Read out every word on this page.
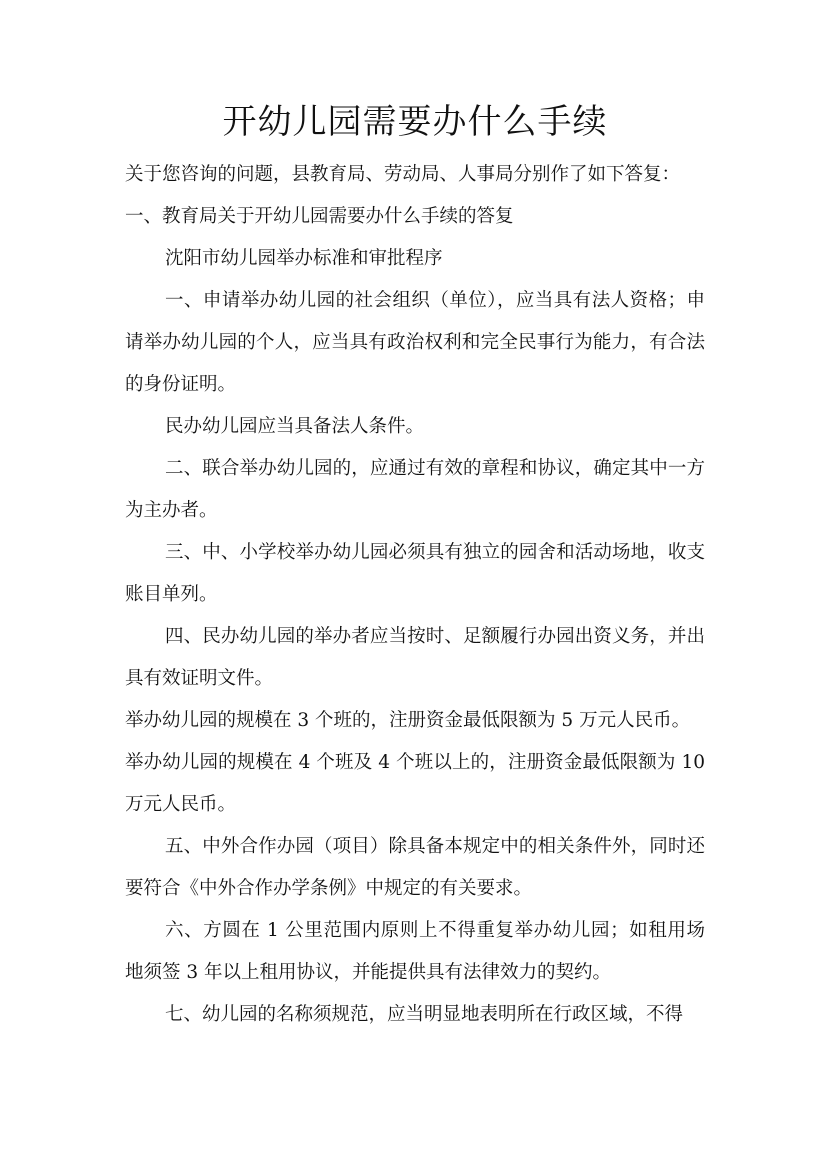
开幼儿园需要办什么手续

关于您咨询的问题，县教育局、劳动局、人事局分别作了如下答复：

一、教育局关于开幼儿园需要办什么手续的答复

沈阳市幼儿园举办标准和审批程序

一、申请举办幼儿园的社会组织（单位），应当具有法人资格；申请举办幼儿园的个人，应当具有政治权利和完全民事行为能力，有合法的身份证明。

民办幼儿园应当具备法人条件。

二、联合举办幼儿园的，应通过有效的章程和协议，确定其中一方为主办者。

三、中、小学校举办幼儿园必须具有独立的园舍和活动场地，收支账目单列。

四、民办幼儿园的举办者应当按时、足额履行办园出资义务，并出具有效证明文件。

举办幼儿园的规模在 3 个班的，注册资金最低限额为 5 万元人民币。

举办幼儿园的规模在 4 个班及 4 个班以上的，注册资金最低限额为 10 万元人民币。

五、中外合作办园（项目）除具备本规定中的相关条件外，同时还要符合《中外合作办学条例》中规定的有关要求。

六、方圆在 1 公里范围内原则上不得重复举办幼儿园；如租用场地须签 3 年以上租用协议，并能提供具有法律效力的契约。

七、幼儿园的名称须规范，应当明显地表明所在行政区域，不得
